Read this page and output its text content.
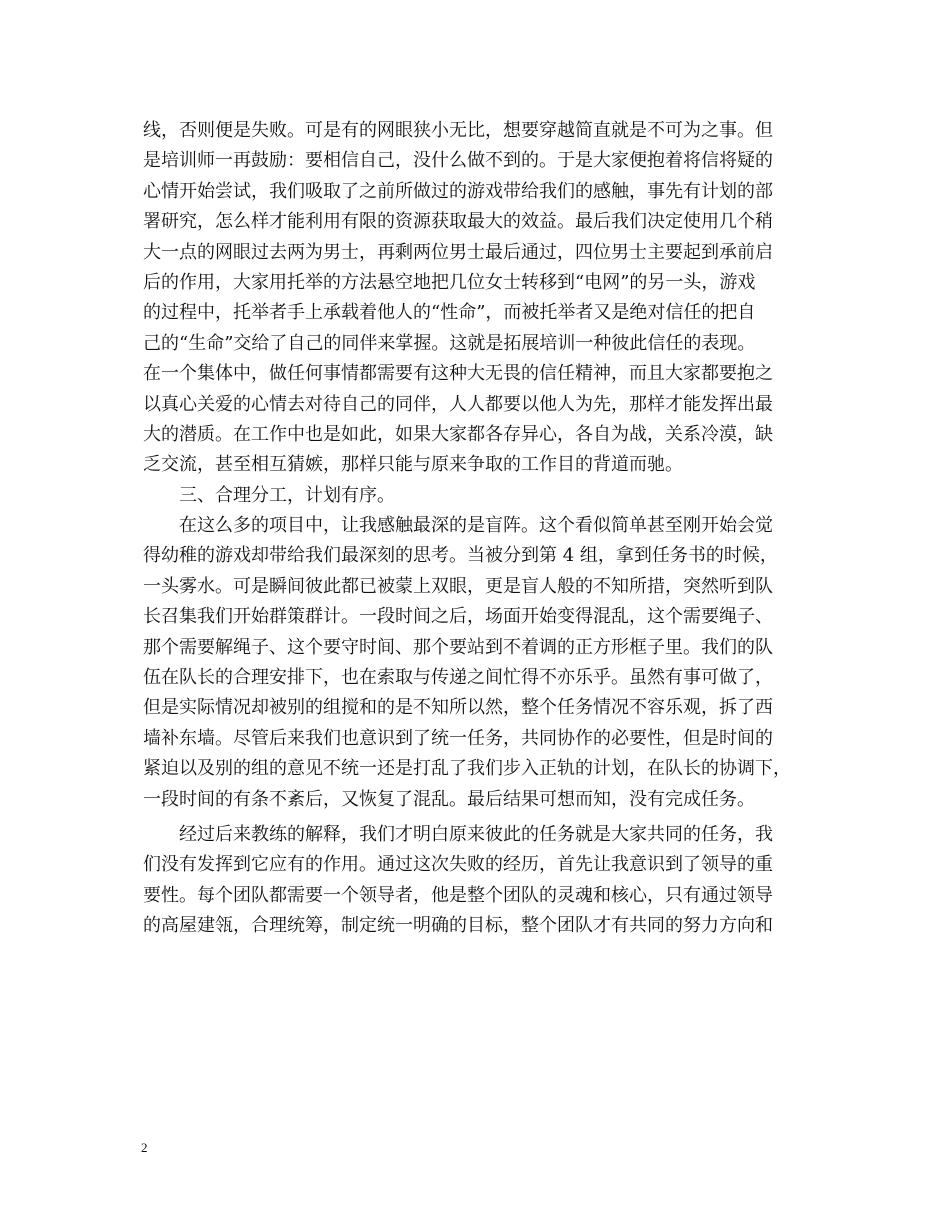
线，否则便是失败。可是有的网眼狭小无比，想要穿越简直就是不可为之事。但
是培训师一再鼓励：要相信自己，没什么做不到的。于是大家便抱着将信将疑的
心情开始尝试，我们吸取了之前所做过的游戏带给我们的感触，事先有计划的部
署研究，怎么样才能利用有限的资源获取最大的效益。最后我们决定使用几个稍
大一点的网眼过去两为男士，再剩两位男士最后通过，四位男士主要起到承前启
后的作用，大家用托举的方法悬空地把几位女士转移到“电网”的另一头，游戏
的过程中，托举者手上承载着他人的“性命”，而被托举者又是绝对信任的把自
己的“生命”交给了自己的同伴来掌握。这就是拓展培训一种彼此信任的表现。
在一个集体中，做任何事情都需要有这种大无畏的信任精神，而且大家都要抱之
以真心关爱的心情去对待自己的同伴，人人都要以他人为先，那样才能发挥出最
大的潜质。在工作中也是如此，如果大家都各存异心，各自为战，关系冷漠，缺
乏交流，甚至相互猜嫉，那样只能与原来争取的工作目的背道而驰。
三、合理分工，计划有序。
在这么多的项目中，让我感触最深的是盲阵。这个看似简单甚至刚开始会觉
得幼稚的游戏却带给我们最深刻的思考。当被分到第 4 组，拿到任务书的时候，
一头雾水。可是瞬间彼此都已被蒙上双眼，更是盲人般的不知所措，突然听到队
长召集我们开始群策群计。一段时间之后，场面开始变得混乱，这个需要绳子、
那个需要解绳子、这个要守时间、那个要站到不着调的正方形框子里。我们的队
伍在队长的合理安排下，也在索取与传递之间忙得不亦乐乎。虽然有事可做了，
但是实际情况却被别的组搅和的是不知所以然，整个任务情况不容乐观，拆了西
墙补东墙。尽管后来我们也意识到了统一任务，共同协作的必要性，但是时间的
紧迫以及别的组的意见不统一还是打乱了我们步入正轨的计划，在队长的协调下，
一段时间的有条不紊后，又恢复了混乱。最后结果可想而知，没有完成任务。
经过后来教练的解释，我们才明白原来彼此的任务就是大家共同的任务，我
们没有发挥到它应有的作用。通过这次失败的经历，首先让我意识到了领导的重
要性。每个团队都需要一个领导者，他是整个团队的灵魂和核心，只有通过领导
的高屋建瓴，合理统筹，制定统一明确的目标，整个团队才有共同的努力方向和
2
